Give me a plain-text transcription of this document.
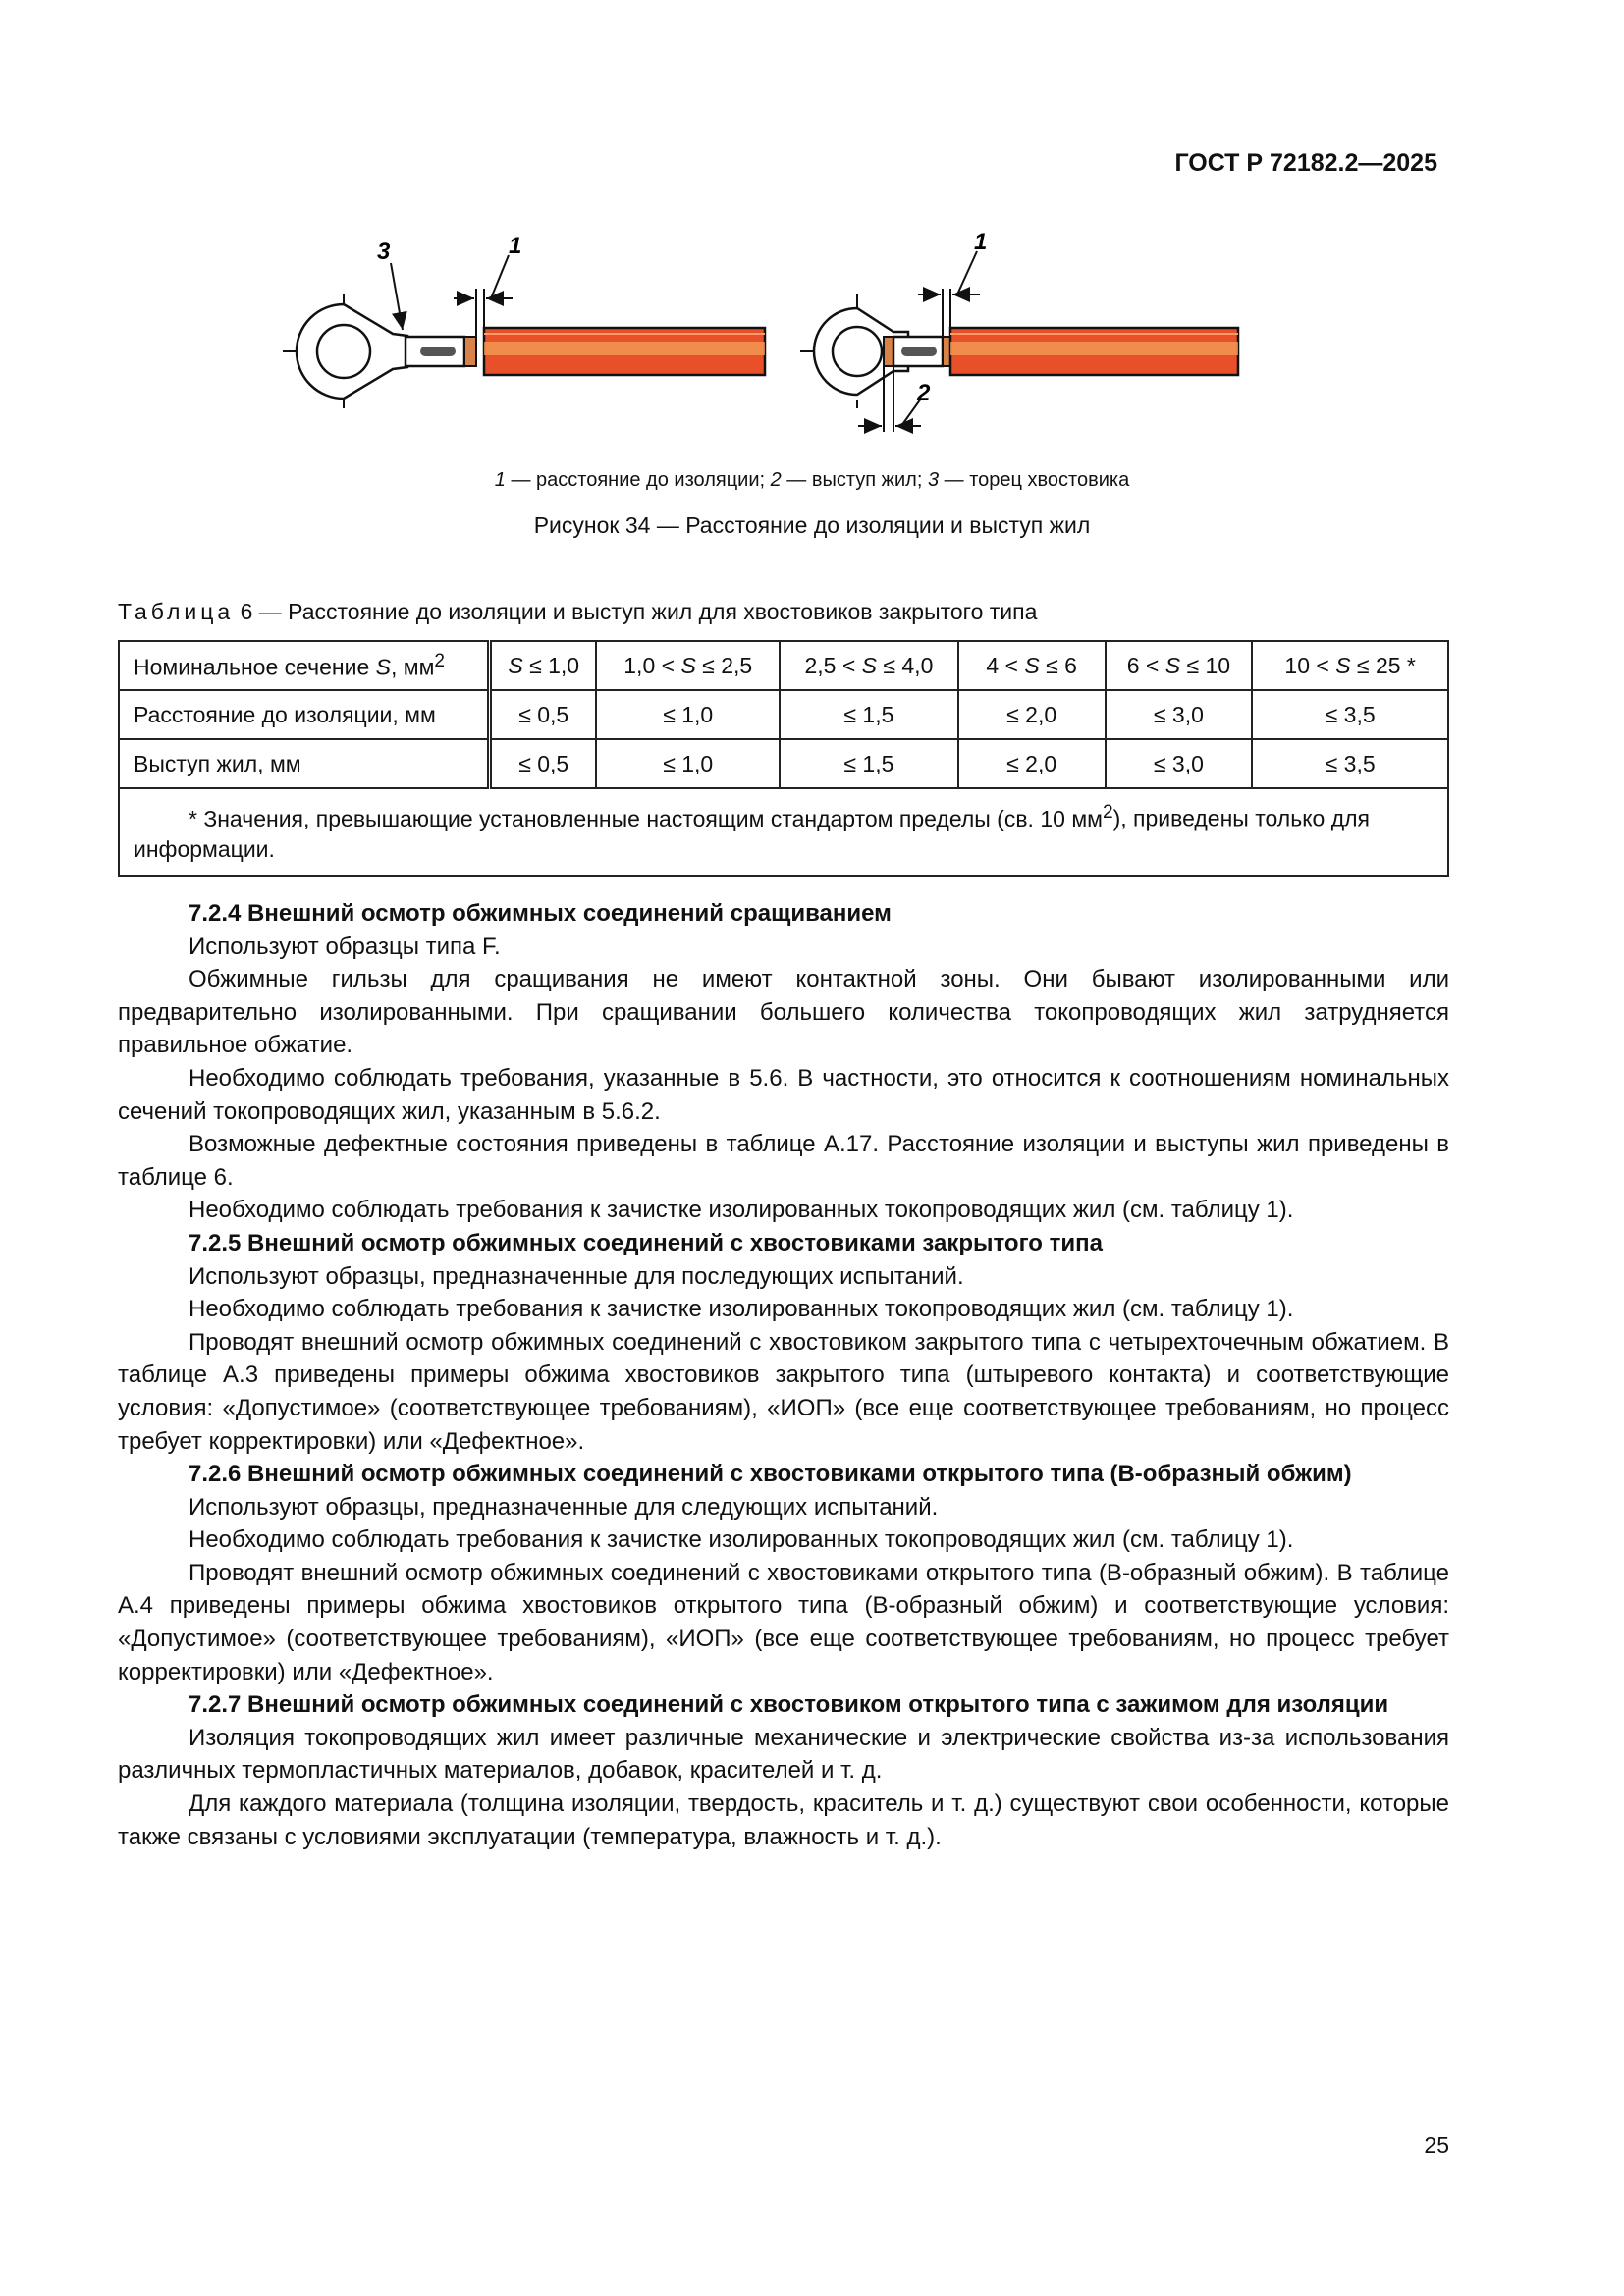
ГОСТ Р 72182.2—2025
1
3	1
2
1 — расстояние до изоляции; 2 — выступ жил; 3 — торец хвостовика
Рисунок 34 — Расстояние до изоляции и выступ жил
Таблица 6 — Расстояние до изоляции и выступ жил для хвостовиков закрытого типа
Номинальное сечение S, $мм^2$	S ≤ 1,0	1,0 < S ≤ 2,5	2,5 < S ≤ 4,0	4 < S ≤ 6	6 < S ≤ 10	10 < S ≤ 25 *
Расстояние до изоляции, мм	≤ 0,5	≤ 1,0	≤ 1,5	≤ 2,0	≤ 3,0	≤ 3,5
Выступ жил, мм	≤ 0,5	≤ 1,0	≤ 1,5	≤ 2,0	≤ 3,0	≤ 3,5
* Значения, превышающие установленные настоящим стандартом пределы (св. 10 $мм^2$), приведены только для информации.						

7.2.4 Внешний осмотр обжимных соединений сращиванием

Используют образцы типа F.

Обжимные гильзы для сращивания не имеют контактной зоны. Они бывают изолированными или предварительно изолированными. При сращивании большего количества токопроводящих жил затрудняется правильное обжатие.

Необходимо соблюдать требования, указанные в 5.6. В частности, это относится к соотношениям номинальных сечений токопроводящих жил, указанным в 5.6.2.

Возможные дефектные состояния приведены в таблице А.17. Расстояние изоляции и выступы жил приведены в таблице 6.

Необходимо соблюдать требования к зачистке изолированных токопроводящих жил (см. таблицу 1).

7.2.5 Внешний осмотр обжимных соединений с хвостовиками закрытого типа

Используют образцы, предназначенные для последующих испытаний.

Необходимо соблюдать требования к зачистке изолированных токопроводящих жил (см. таблицу 1).

Проводят внешний осмотр обжимных соединений с хвостовиком закрытого типа с четырехточечным обжатием. В таблице А.3 приведены примеры обжима хвостовиков закрытого типа (штыревого контакта) и соответствующие условия: «Допустимое» (соответствующее требованиям), «ИОП» (все еще соответствующее требованиям, но процесс требует корректировки) или «Дефектное».

7.2.6 Внешний осмотр обжимных соединений с хвостовиками открытого типа (В-образный обжим)

Используют образцы, предназначенные для следующих испытаний.

Необходимо соблюдать требования к зачистке изолированных токопроводящих жил (см. таблицу 1).

Проводят внешний осмотр обжимных соединений с хвостовиками открытого типа (В-образный обжим). В таблице А.4 приведены примеры обжима хвостовиков открытого типа (В-образный обжим) и соответствующие условия: «Допустимое» (соответствующее требованиям), «ИОП» (все еще соответствующее требованиям, но процесс требует корректировки) или «Дефектное».

7.2.7 Внешний осмотр обжимных соединений с хвостовиком открытого типа с зажимом для изоляции

Изоляция токопроводящих жил имеет различные механические и электрические свойства из-за использования различных термопластичных материалов, добавок, красителей и т. д.

Для каждого материала (толщина изоляции, твердость, краситель и т. д.) существуют свои особенности, которые также связаны с условиями эксплуатации (температура, влажность и т. д.).

25
